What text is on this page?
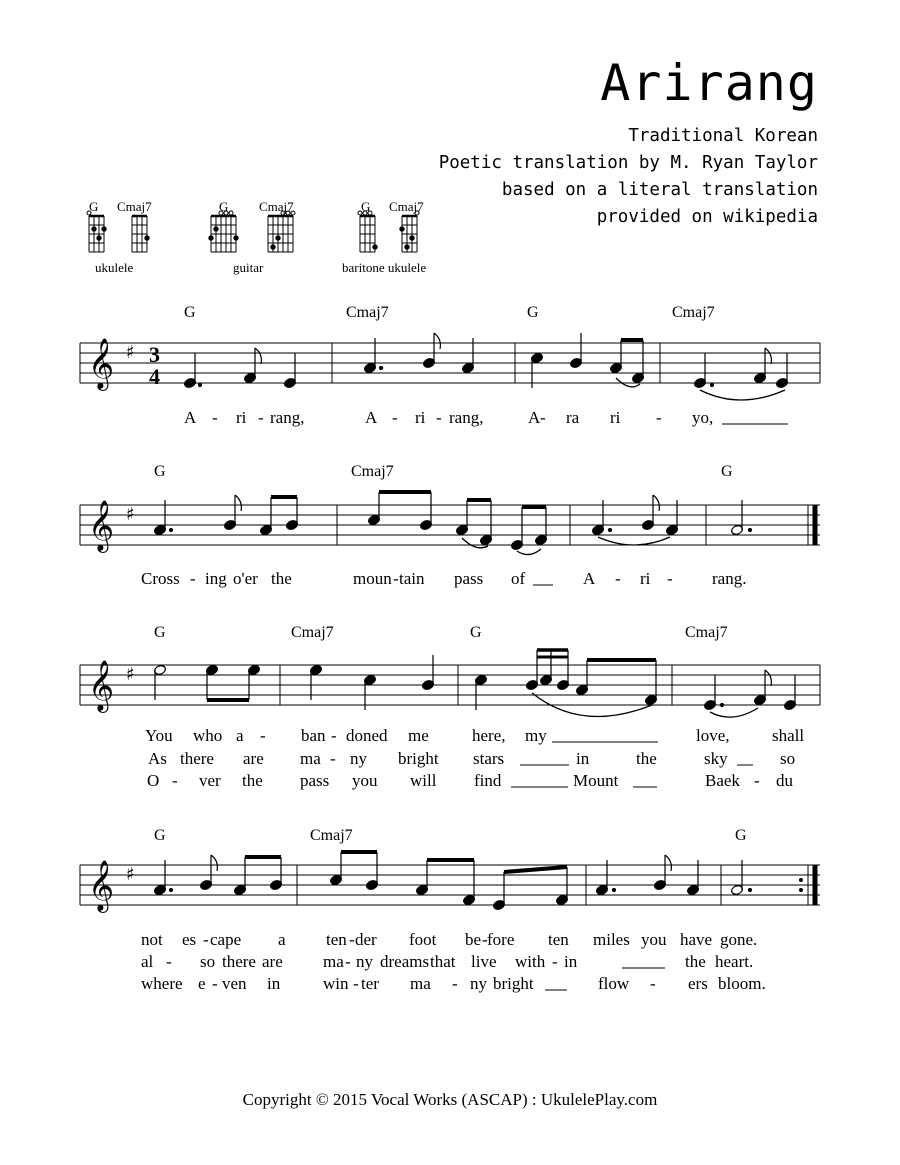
Arirang
Traditional Korean
Poetic translation by M. Ryan Taylor
based on a literal translation
provided on wikipedia
G Cmaj7	G Cmaj7	G Cmaj7
ukulele	guitar	baritone ukulele
G	Cmaj7	G	Cmaj7
𝄞 ♯ 3
4
A - ri - rang,	A - ri - rang,	A - ra ri - yo,
G	Cmaj7	G
𝄞 ♯
Cross - ing o'er the	moun - tain pass of	A - ri - rang.
G	Cmaj7	G	Cmaj7
𝄞 ♯
You who a - ban - doned me	here, my	love, shall
As there are ma - ny bright stars	in	the	sky	so
O - ver the pass you will find	Mount	Baek - du
G	Cmaj7	G
𝄞 ♯
not es - cape a ten - der foot be - fore ten miles you have gone.
al - so there are ma - ny dreams that live with - in	the heart.
where e - ven in	win - ter ma - ny bright	flow - ers bloom.
Copyright © 2015 Vocal Works (ASCAP) : UkulelePlay.com
